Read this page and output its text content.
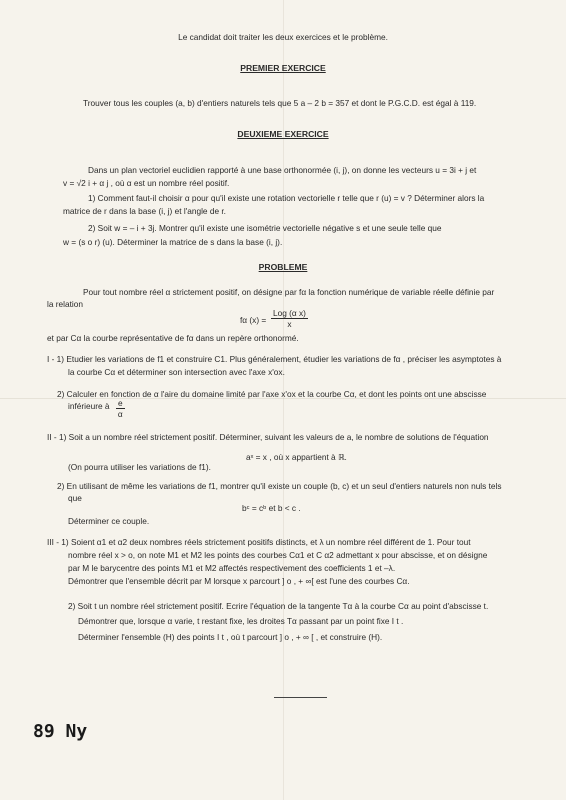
Le candidat doit traiter les deux exercices et le problème.
PREMIER EXERCICE
Trouver tous les couples (a, b) d'entiers naturels tels que 5 a – 2 b = 357 et dont le P.G.C.D. est égal à 119.
DEUXIEME EXERCICE
Dans un plan vectoriel euclidien rapporté à une base orthonormée (i, j), on donne les vecteurs u = 3i + j et
v = √2 i + α j , où α est un nombre réel positif.
1) Comment faut-il choisir α pour qu'il existe une rotation vectorielle r telle que r (u) = v ? Déterminer alors la
matrice de r dans la base (i, j) et l'angle de r.
2) Soit w = – i + 3j. Montrer qu'il existe une isométrie vectorielle négative s et une seule telle que
w = (s o r) (u). Déterminer la matrice de s dans la base (i, j).
PROBLEME
Pour tout nombre réel α strictement positif, on désigne par fα la fonction numérique de variable réelle définie par
la relation
fα (x) =
Log (α x)
x
et par Cα la courbe représentative de fα dans un repère orthonormé.
I - 1) Etudier les variations de f1 et construire C1. Plus généralement, étudier les variations de fα , préciser les asymptotes à
la courbe Cα et déterminer son intersection avec l'axe x'ox.
2) Calculer en fonction de α l'aire du domaine limité par l'axe x'ox et la courbe Cα, et dont les points ont une abscisse
inférieure à $\frac{e}{\alpha}$
II - 1) Soit a un nombre réel strictement positif. Déterminer, suivant les valeurs de a, le nombre de solutions de l'équation
aˣ = x , où x appartient à ℝ.
(On pourra utiliser les variations de f1).
2) En utilisant de même les variations de f1, montrer qu'il existe un couple (b, c) et un seul d'entiers naturels non nuls tels
que
bᶜ = cᵇ et b < c .
Déterminer ce couple.
III - 1) Soient α1 et α2 deux nombres réels strictement positifs distincts, et λ un nombre réel différent de 1. Pour tout
nombre réel x > o, on note M1 et M2 les points des courbes Cα1 et C α2 admettant x pour abscisse, et on désigne
par M le barycentre des points M1 et M2 affectés respectivement des coefficients 1 et –λ.
Démontrer que l'ensemble décrit par M lorsque x parcourt ] o , + ∞[ est l'une des courbes Cα.
2) Soit t un nombre réel strictement positif. Ecrire l'équation de la tangente Tα à la courbe Cα au point d'abscisse t.
Démontrer que, lorsque α varie, t restant fixe, les droites Tα passant par un point fixe I t .
Déterminer l'ensemble (H) des points I t , où t parcourt ] o , + ∞ [ , et construire (H).
89 Ny
